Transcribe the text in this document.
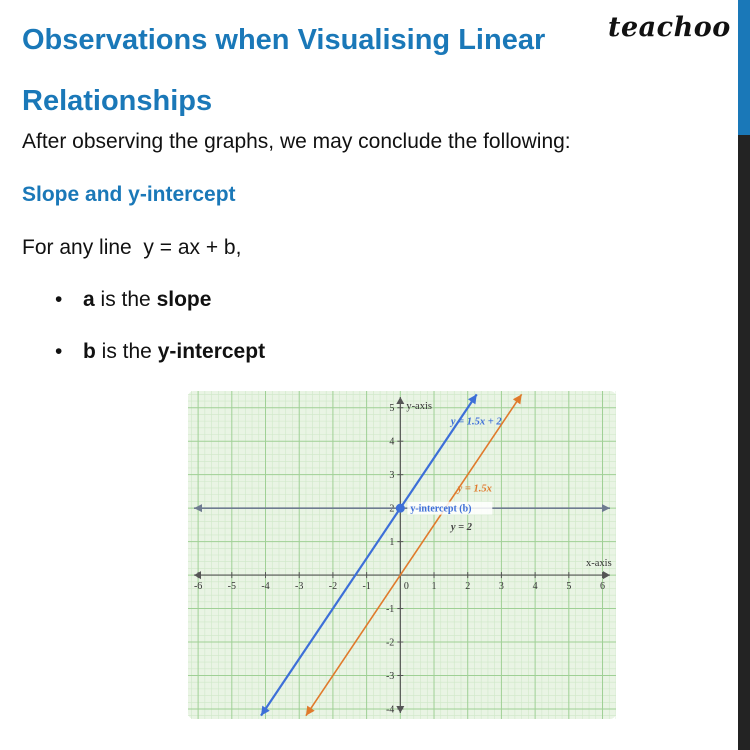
Observations when Visualising Linear Relationships
teachoo

After observing the graphs, we may conclude the following:

Slope and y-intercept

For any line  y = ax + b,

• a is the slope

• b is the y-intercept

-6	-5	-4	-3	-2	-1	0 1	2	3	4	5	6
-4
-3
-2
-1
1
2
3
4
5 y-axis
x-axis
y = 1.5x + 2
y = 1.5x
y = 2
y-intercept (b)
